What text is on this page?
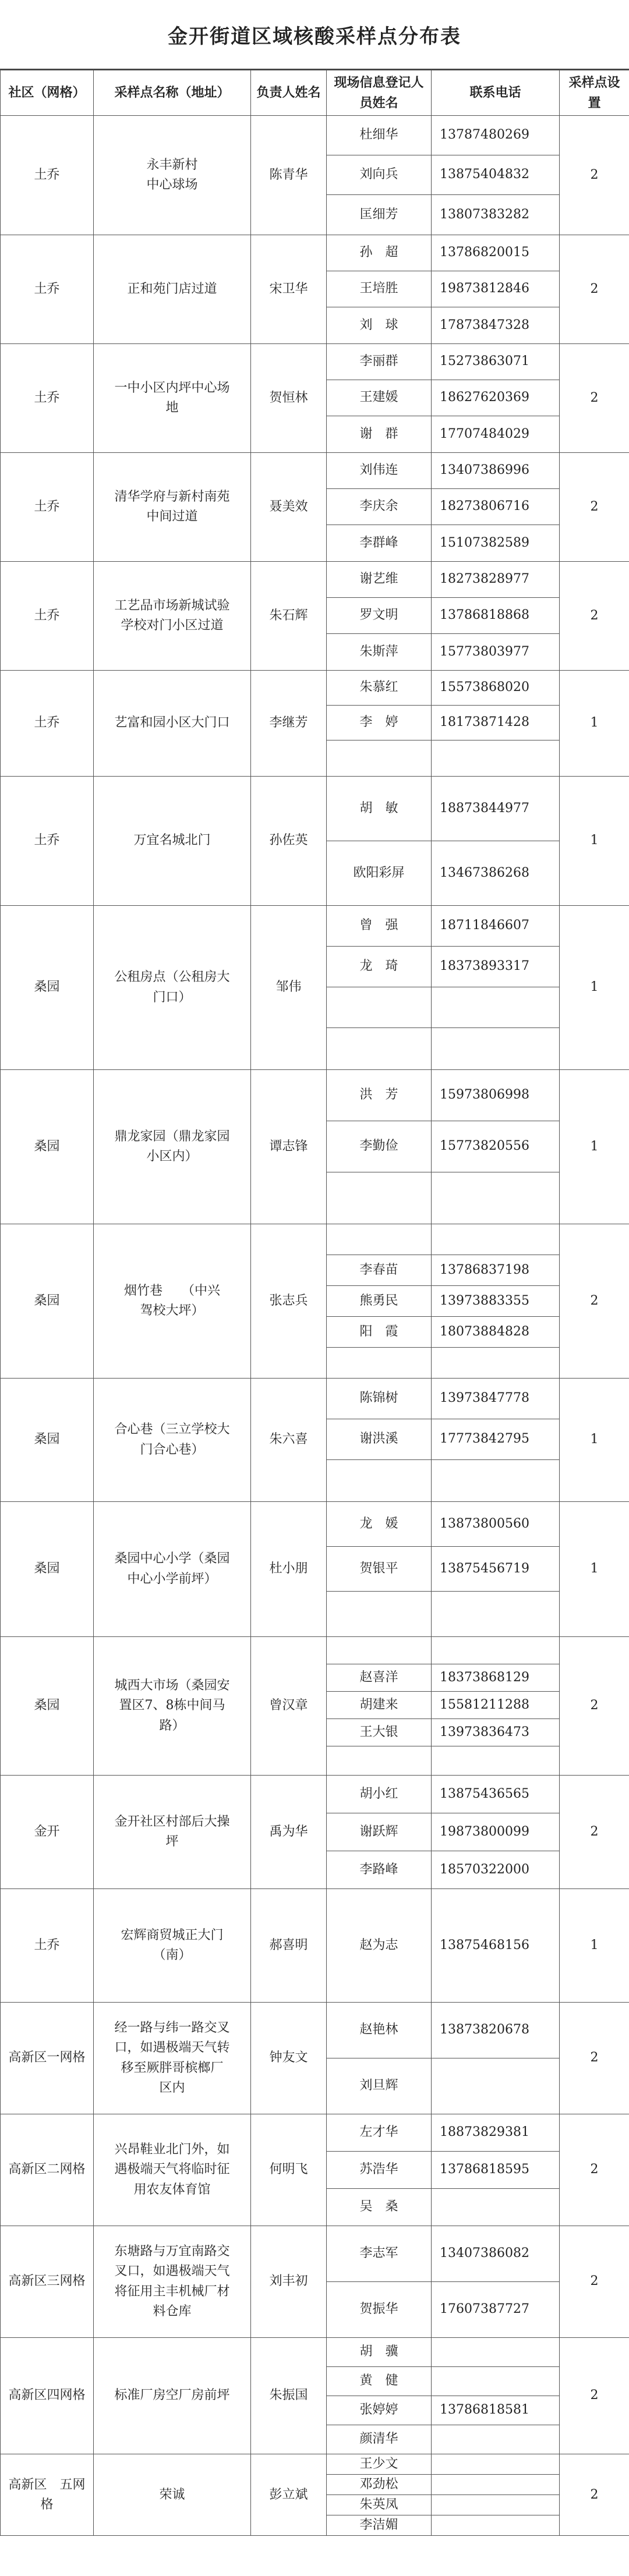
金开街道区域核酸采样点分布表
社区（网格）	采样点名称（地址）	负责人姓名	现场信息登记人员姓名	联系电话	采样点设置
土乔	永丰新村
中心球场	陈青华	杜细华	13787480269	2
			刘向兵	13875404832	
			匡细芳	13807383282	
土乔	正和苑门店过道	宋卫华	孙　超	13786820015	2
			王培胜	19873812846	
			刘　球	17873847328	
土乔	一中小区内坪中心场
地	贺恒林	李丽群	15273863071	2
			王建媛	18627620369	
			谢　群	17707484029	
土乔	清华学府与新村南苑
中间过道	聂美效	刘伟连	13407386996	2
			李庆余	18273806716	
			李群峰	15107382589	
土乔	工艺品市场新城试验
学校对门小区过道	朱石辉	谢艺维	18273828977	2
			罗文明	13786818868	
			朱斯萍	15773803977	
土乔	艺富和园小区大门口	李继芳	朱慕红	15573868020	1
			李　婷	18173871428	

土乔	万宜名城北门	孙佐英	胡　敏	18873844977	1
			欧阳彩屏	13467386268	
桑园	公租房点（公租房大
门口）	邹伟	曾　强	18711846607	1
			龙　琦	18373893317	

桑园	鼎龙家园（鼎龙家园
小区内）	谭志锋	洪　芳	15973806998	1
			李勤俭	15773820556	

桑园	烟竹巷　　（中兴
驾校大坪）	张志兵			2
			李春苗	13786837198	
			熊勇民	13973883355	
			阳　霞	18073884828	

桑园	合心巷（三立学校大
门合心巷）	朱六喜	陈锦树	13973847778	1
			谢洪溪	17773842795	

桑园	桑园中心小学（桑园
中心小学前坪）	杜小朋	龙　媛	13873800560	1
			贺银平	13875456719	

桑园	城西大市场（桑园安
置区7、8栋中间马
路）	曾汉章			2
			赵喜洋	18373868129	
			胡建来	15581211288	
			王大银	13973836473	

金开	金开社区村部后大操
坪	禹为华	胡小红	13875436565	2
			谢跃辉	19873800099	
			李路峰	18570322000	
土乔	宏辉商贸城正大门
（南）	郝喜明	赵为志	13875468156	1
高新区一网格	经一路与纬一路交叉
口，如遇极端天气转
移至厥胖哥槟榔厂
区内	钟友文	赵艳林	13873820678	2
			刘旦辉		
高新区二网格	兴昂鞋业北门外，如
遇极端天气将临时征
用农友体育馆	何明飞	左才华	18873829381	2
			苏浩华	13786818595	
			吴　桑		
高新区三网格	东塘路与万宜南路交
叉口，如遇极端天气
将征用主丰机械厂材
料仓库	刘丰初	李志军	13407386082	2
			贺振华	17607387727	
高新区四网格	标准厂房空厂房前坪	朱振国	胡　骥		2
			黄　健		
			张婷婷	13786818581	
			颜清华		
高新区　五网格	荣诚	彭立斌	王少文		2
			邓劲松		
			朱英凤		
			李洁媚		
